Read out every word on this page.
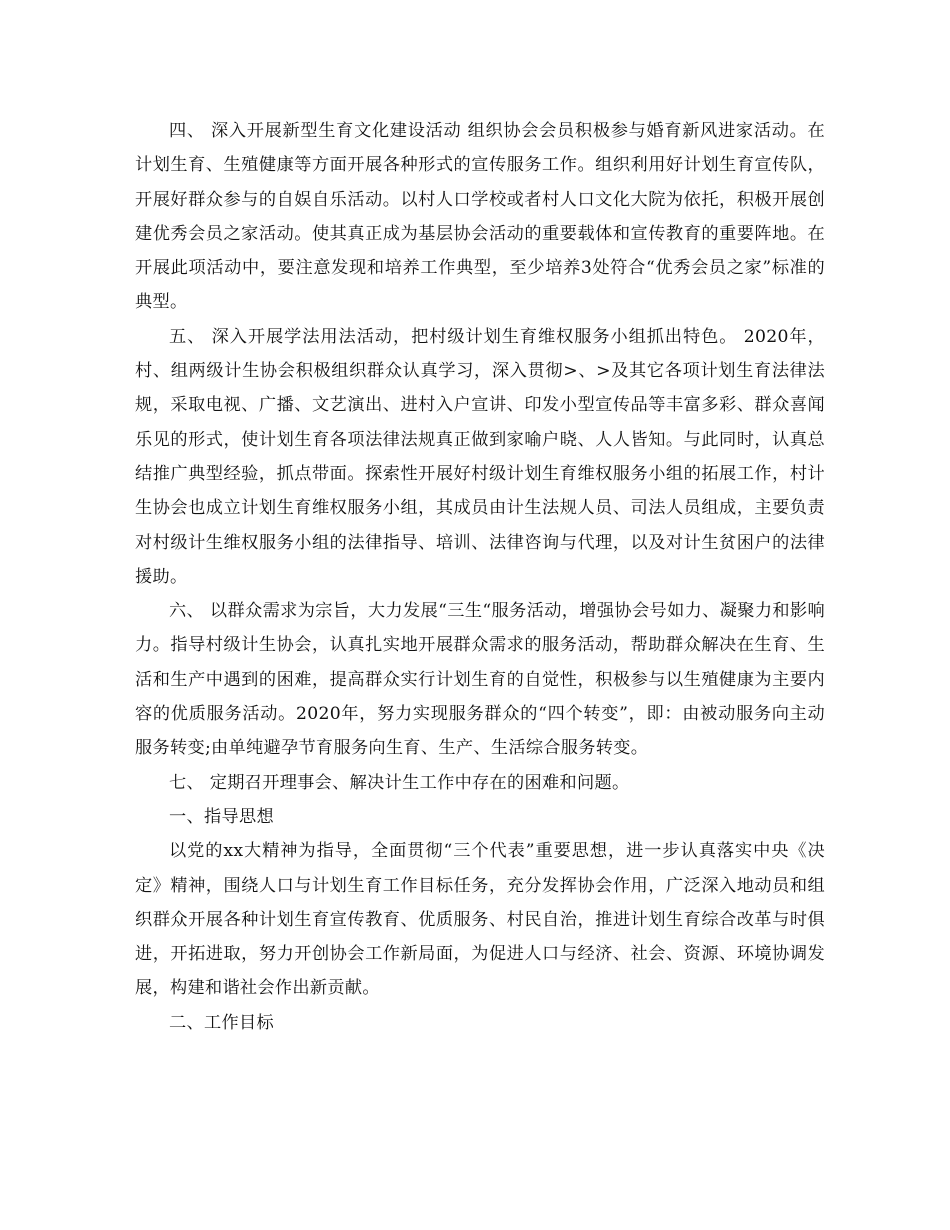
四、 深入开展新型生育文化建设活动 组织协会会员积极参与婚育新风进家活动。在计划生育、生殖健康等方面开展各种形式的宣传服务工作。组织利用好计划生育宣传队，开展好群众参与的自娱自乐活动。以村人口学校或者村人口文化大院为依托，积极开展创建优秀会员之家活动。使其真正成为基层协会活动的重要载体和宣传教育的重要阵地。在开展此项活动中，要注意发现和培养工作典型，至少培养3处符合“优秀会员之家”标准的典型。

五、 深入开展学法用法活动，把村级计划生育维权服务小组抓出特色。 2020年，村、组两级计生协会积极组织群众认真学习，深入贯彻>、>及其它各项计划生育法律法规，采取电视、广播、文艺演出、进村入户宣讲、印发小型宣传品等丰富多彩、群众喜闻乐见的形式，使计划生育各项法律法规真正做到家喻户晓、人人皆知。与此同时，认真总结推广典型经验，抓点带面。探索性开展好村级计划生育维权服务小组的拓展工作，村计生协会也成立计划生育维权服务小组，其成员由计生法规人员、司法人员组成，主要负责对村级计生维权服务小组的法律指导、培训、法律咨询与代理，以及对计生贫困户的法律援助。

六、 以群众需求为宗旨，大力发展“三生“服务活动，增强协会号如力、凝聚力和影响力。指导村级计生协会，认真扎实地开展群众需求的服务活动，帮助群众解决在生育、生活和生产中遇到的困难，提高群众实行计划生育的自觉性，积极参与以生殖健康为主要内容的优质服务活动。2020年，努力实现服务群众的“四个转变”，即：由被动服务向主动服务转变;由单纯避孕节育服务向生育、生产、生活综合服务转变。

七、 定期召开理事会、解决计生工作中存在的困难和问题。

一、指导思想

以党的xx大精神为指导，全面贯彻“三个代表”重要思想，进一步认真落实中央《决定》精神，围绕人口与计划生育工作目标任务，充分发挥协会作用，广泛深入地动员和组织群众开展各种计划生育宣传教育、优质服务、村民自治，推进计划生育综合改革与时俱进，开拓进取，努力开创协会工作新局面，为促进人口与经济、社会、资源、环境协调发展，构建和谐社会作出新贡献。

二、工作目标
